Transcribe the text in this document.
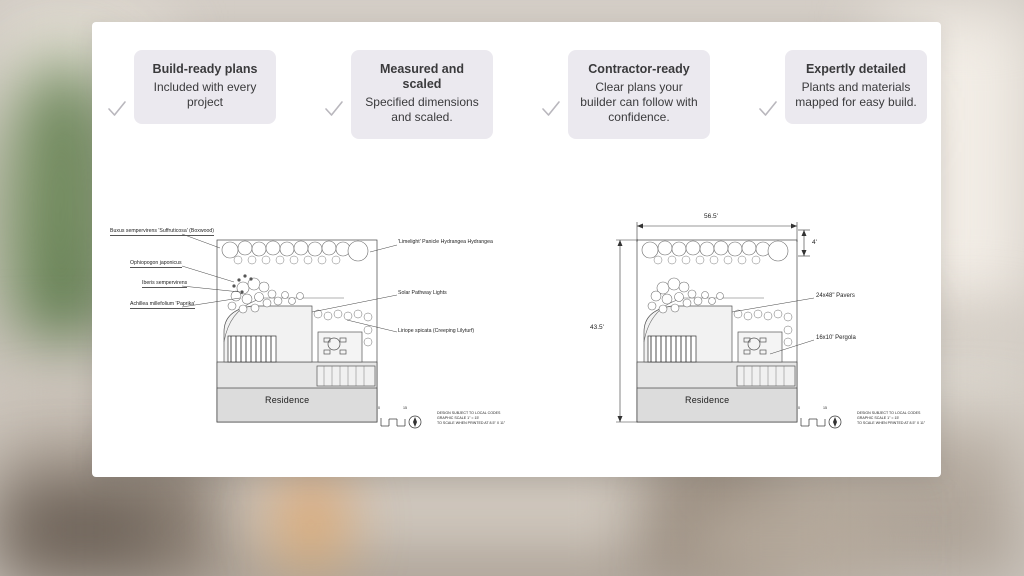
Build-ready plans
Included with every project
Measured and scaled
Specified dimensions and scaled.
Contractor-ready
Clear plans your builder can follow with confidence.
Expertly detailed
Plants and materials mapped for easy build.
Buxus sempervirens 'Suffruticosa' (Boxwood)
Ophiopogon japonicus
Iberis sempervirens
Achillea millefolium 'Paprika'
'Limelight' Panicle Hydrangea Hydrangea
Solar Pathway Lights
Liriope spicata (Creeping Lilyturf)
Residence
0	15
DESIGN SUBJECT TO LOCAL CODES
GRAPHIC SCALE 1" = 15'
TO SCALE WHEN PRINTED AT 8.5" X 11"
56.5'
4'
43.5'
24x48" Pavers
16x10' Pergola
Residence
0	15
DESIGN SUBJECT TO LOCAL CODES
GRAPHIC SCALE 1" = 15'
TO SCALE WHEN PRINTED AT 8.5" X 11"
